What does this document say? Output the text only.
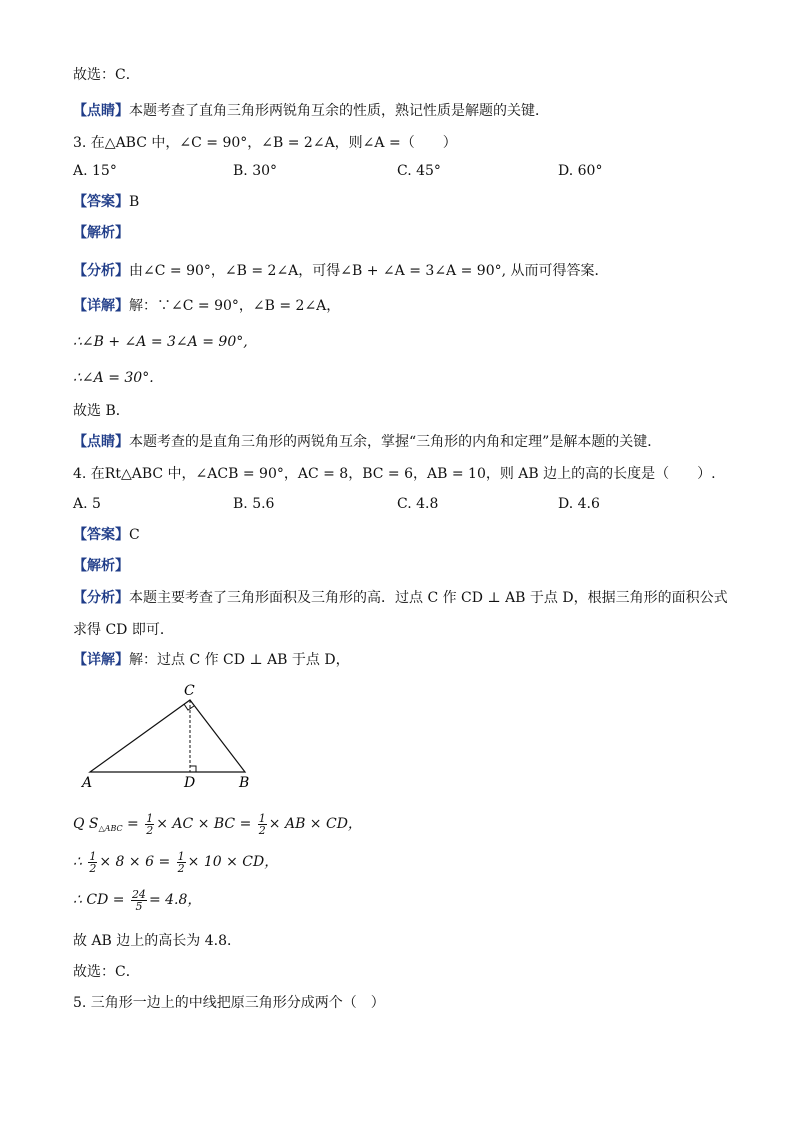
故选：C．
【点睛】本题考查了直角三角形两锐角互余的性质，熟记性质是解题的关键．
3. 在△ABC 中，∠C = 90°，∠B = 2∠A，则∠A =（　　）
A. 15°	B. 30°	C. 45°	D. 60°
【答案】B
【解析】
【分析】由∠C = 90°，∠B = 2∠A，可得∠B + ∠A = 3∠A = 90°, 从而可得答案．
【详解】解：∵∠C = 90°，∠B = 2∠A，
∴∠B + ∠A = 3∠A = 90°,
∴∠A = 30°.
故选 B．
【点睛】本题考查的是直角三角形的两锐角互余，掌握“三角形的内角和定理”是解本题的关键．
4. 在Rt△ABC 中，∠ACB = 90°，AC = 8，BC = 6，AB = 10，则 AB 边上的高的长度是（　　）.
A. 5	B. 5.6	C. 4.8	D. 4.6
【答案】C
【解析】
【分析】本题主要考查了三角形面积及三角形的高．过点 C 作 CD ⊥ AB 于点 D，根据三角形的面积公式
求得 CD 即可．
【详解】解：过点 C 作 CD ⊥ AB 于点 D，
A
C
D	B
Q $S_{\triangle ABC} = \frac{1}{2}$ × AC × BC = $\frac{1}{2}$ × AB × CD，
∴ $\frac{1}{2} \times 8 \times 6 = \frac{1}{2} \times 10$ × CD，
∴ CD = $\frac{24}{5} = 4.8$，
故 AB 边上的高长为 4.8．
故选：C．
5. 三角形一边上的中线把原三角形分成两个（　）
